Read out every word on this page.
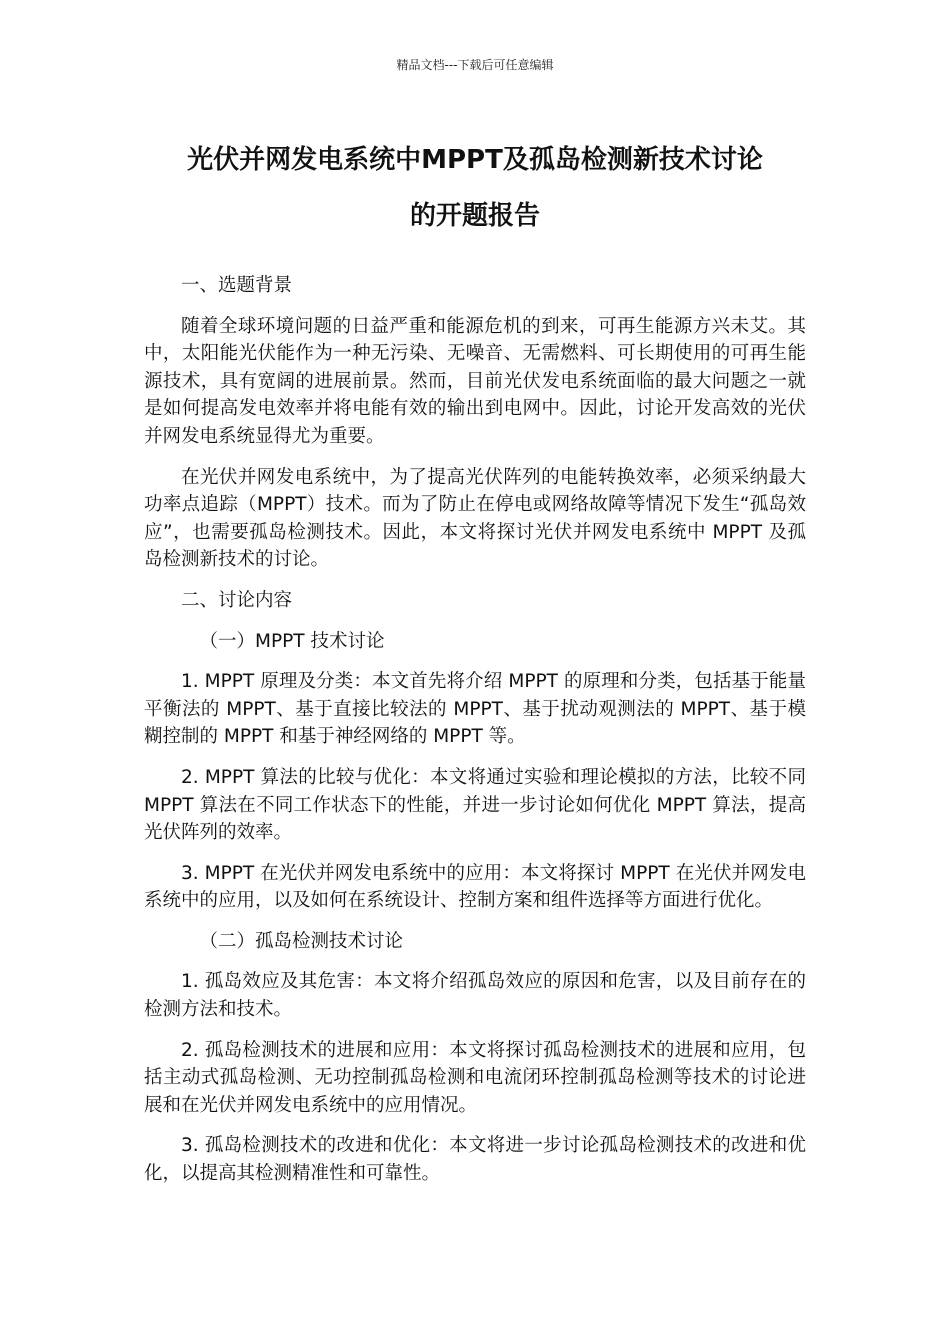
精品文档---下载后可任意编辑
光伏并网发电系统中MPPT及孤岛检测新技术讨论
的开题报告

一、选题背景

随着全球环境问题的日益严重和能源危机的到来，可再生能源方兴未艾。其中，太阳能光伏能作为一种无污染、无噪音、无需燃料、可长期使用的可再生能源技术，具有宽阔的进展前景。然而，目前光伏发电系统面临的最大问题之一就是如何提高发电效率并将电能有效的输出到电网中。因此，讨论开发高效的光伏并网发电系统显得尤为重要。

在光伏并网发电系统中，为了提高光伏阵列的电能转换效率，必须采纳最大功率点追踪（MPPT）技术。而为了防止在停电或网络故障等情况下发生“孤岛效应”，也需要孤岛检测技术。因此，本文将探讨光伏并网发电系统中 MPPT 及孤岛检测新技术的讨论。

二、讨论内容

（一）MPPT 技术讨论

1. MPPT 原理及分类：本文首先将介绍 MPPT 的原理和分类，包括基于能量平衡法的 MPPT、基于直接比较法的 MPPT、基于扰动观测法的 MPPT、基于模糊控制的 MPPT 和基于神经网络的 MPPT 等。

2. MPPT 算法的比较与优化：本文将通过实验和理论模拟的方法，比较不同 MPPT 算法在不同工作状态下的性能，并进一步讨论如何优化 MPPT 算法，提高光伏阵列的效率。

3. MPPT 在光伏并网发电系统中的应用：本文将探讨 MPPT 在光伏并网发电系统中的应用，以及如何在系统设计、控制方案和组件选择等方面进行优化。

（二）孤岛检测技术讨论

1. 孤岛效应及其危害：本文将介绍孤岛效应的原因和危害，以及目前存在的检测方法和技术。

2. 孤岛检测技术的进展和应用：本文将探讨孤岛检测技术的进展和应用，包括主动式孤岛检测、无功控制孤岛检测和电流闭环控制孤岛检测等技术的讨论进展和在光伏并网发电系统中的应用情况。

3. 孤岛检测技术的改进和优化：本文将进一步讨论孤岛检测技术的改进和优化，以提高其检测精准性和可靠性。
